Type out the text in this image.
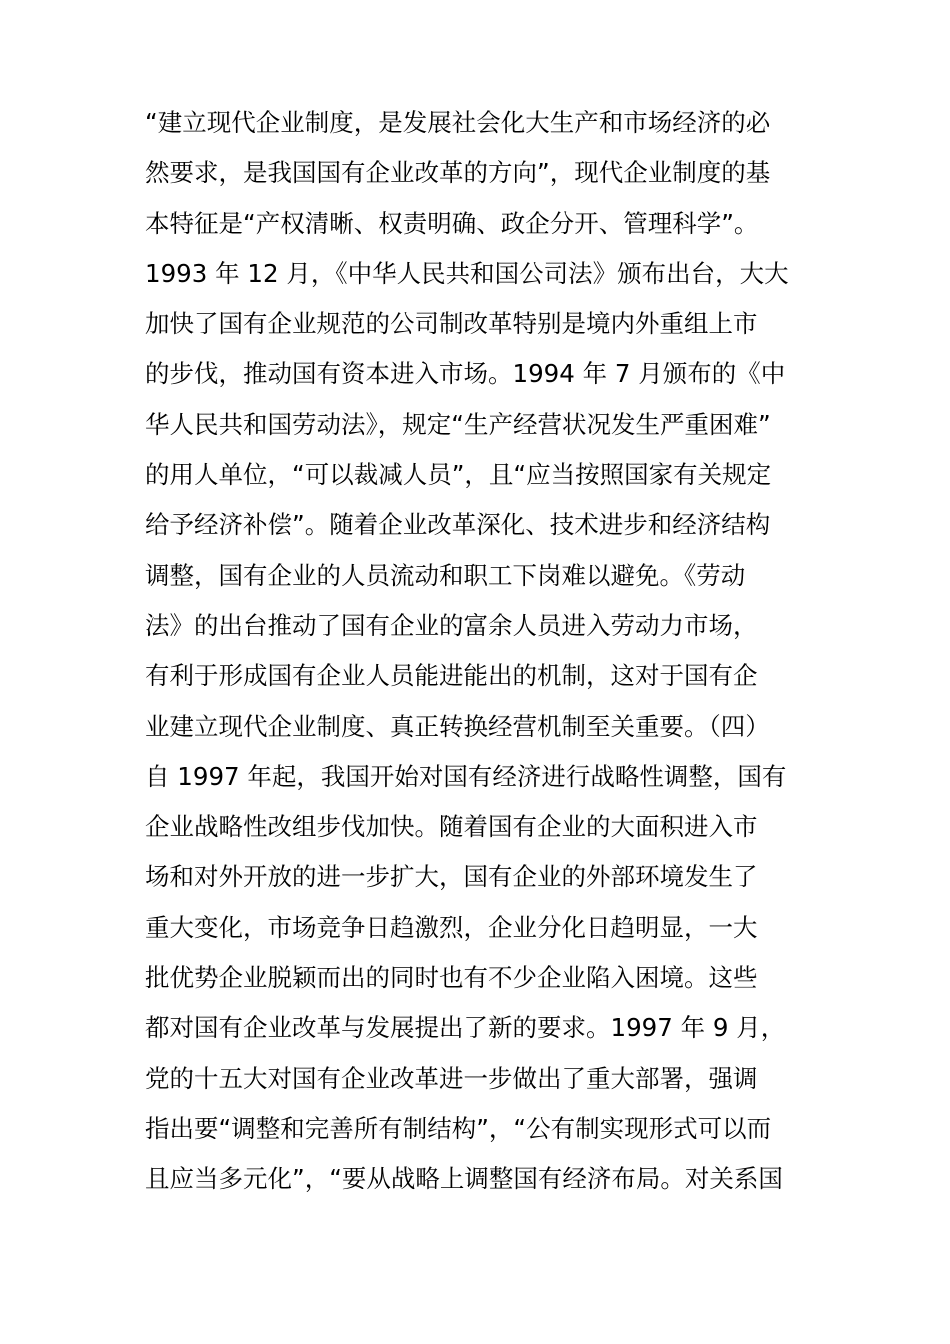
“建立现代企业制度，是发展社会化大生产和市场经济的必
然要求，是我国国有企业改革的方向”，现代企业制度的基
本特征是“产权清晰、权责明确、政企分开、管理科学”。
1993 年 12 月，《中华人民共和国公司法》颁布出台，大大
加快了国有企业规范的公司制改革特别是境内外重组上市
的步伐，推动国有资本进入市场。1994 年 7 月颁布的《中
华人民共和国劳动法》，规定“生产经营状况发生严重困难”
的用人单位，“可以裁减人员”，且“应当按照国家有关规定
给予经济补偿”。随着企业改革深化、技术进步和经济结构
调整，国有企业的人员流动和职工下岗难以避免。《劳动
法》的出台推动了国有企业的富余人员进入劳动力市场，
有利于形成国有企业人员能进能出的机制，这对于国有企
业建立现代企业制度、真正转换经营机制至关重要。（四）
自 1997 年起，我国开始对国有经济进行战略性调整，国有
企业战略性改组步伐加快。随着国有企业的大面积进入市
场和对外开放的进一步扩大，国有企业的外部环境发生了
重大变化，市场竞争日趋激烈，企业分化日趋明显，一大
批优势企业脱颖而出的同时也有不少企业陷入困境。这些
都对国有企业改革与发展提出了新的要求。1997 年 9 月，
党的十五大对国有企业改革进一步做出了重大部署，强调
指出要“调整和完善所有制结构”，“公有制实现形式可以而
且应当多元化”，“要从战略上调整国有经济布局。对关系国
